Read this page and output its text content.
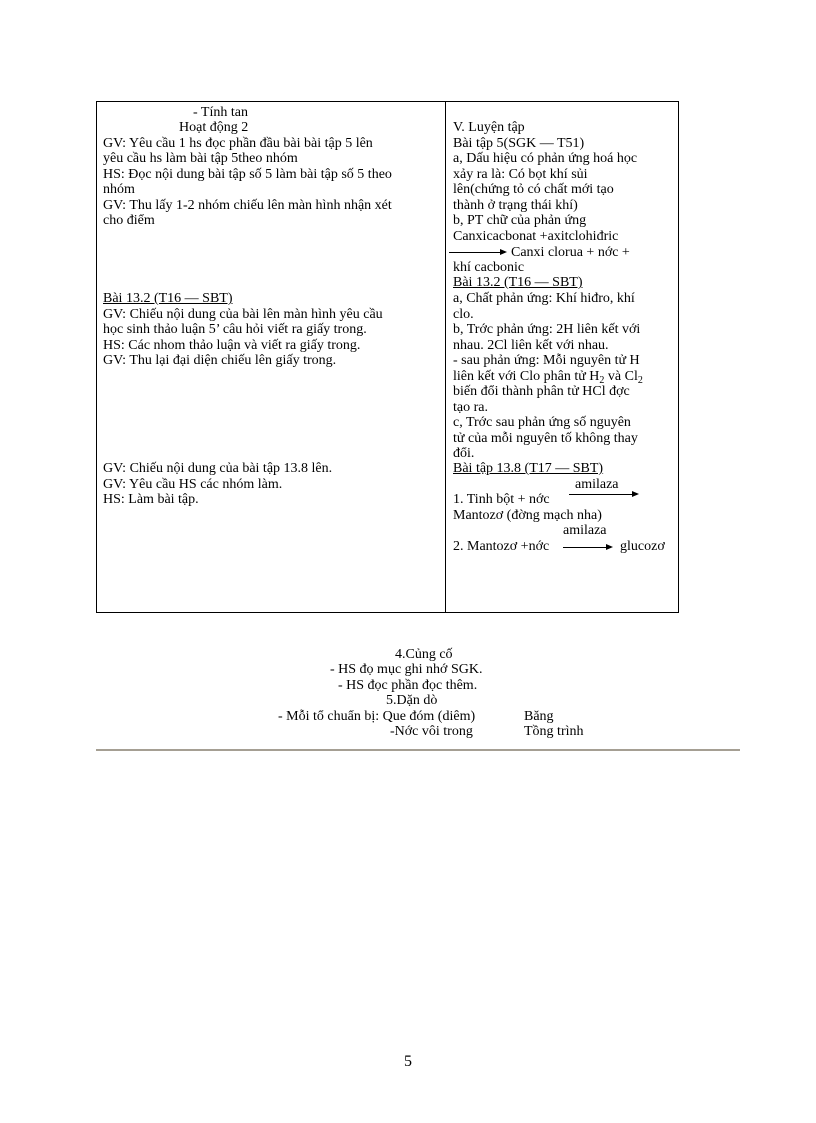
- Tính tan
Hoạt động 2
GV: Yêu cầu 1 hs đọc phần đầu bài bài tập 5 lên
yêu cầu hs làm bài tập 5theo nhóm
HS: Đọc nội dung bài tập số 5 làm bài tập số 5 theo
nhóm
GV: Thu lấy 1-2 nhóm chiếu lên màn hình nhận xét
cho điểm
Bài 13.2 (T16 — SBT)
GV: Chiếu nội dung của bài lên màn hình yêu cầu
học sinh thảo luận 5’ câu hỏi viết ra giấy trong.
HS: Các nhom thảo luận và viết ra giấy trong.
GV: Thu lại đại diện chiếu lên giấy trong.
GV: Chiếu nội dung của bài tập 13.8 lên.
GV: Yêu cầu HS các nhóm làm.
HS: Làm bài tập.
V. Luyện tập
Bài tập 5(SGK — T51)
a, Dấu hiệu có phản ứng hoá học
xảy ra là: Có bọt khí sủi
lên(chứng tỏ có chất mới tạo
thành ở trạng thái khí)
b, PT chữ của phản ứng
Canxicacbonat +axitclohiđric
→ Canxi clorua + nớc +
khí cacbonic
Bài 13.2 (T16 — SBT)
a, Chất phản ứng: Khí hiđro, khí
clo.
b, Trớc phản ứng: 2H liên kết với
nhau. 2Cl liên kết với nhau.
- sau phản ứng: Mỗi nguyên tử H
liên kết với Clo phân tử $H_2$ và $Cl_2$
biến đổi thành phân tử HCl đợc
tạo ra.
c, Trớc sau phản ứng số nguyên
tử của mỗi nguyên tố không thay
đổi.
Bài tập 13.8 (T17 — SBT)
amilaza
1. Tinh bột + nớc
Mantozơ (đờng mạch nha)
amilaza
2. Mantozơ +nớc → glucozơ
4.Củng cố
- HS đọ mục ghi nhớ SGK.
- HS đọc phần đọc thêm.
5.Dặn dò
- Mỗi tổ chuẩn bị: Que đóm (diêm)	Băng
-Nớc vôi trong	Tồng trình
5
